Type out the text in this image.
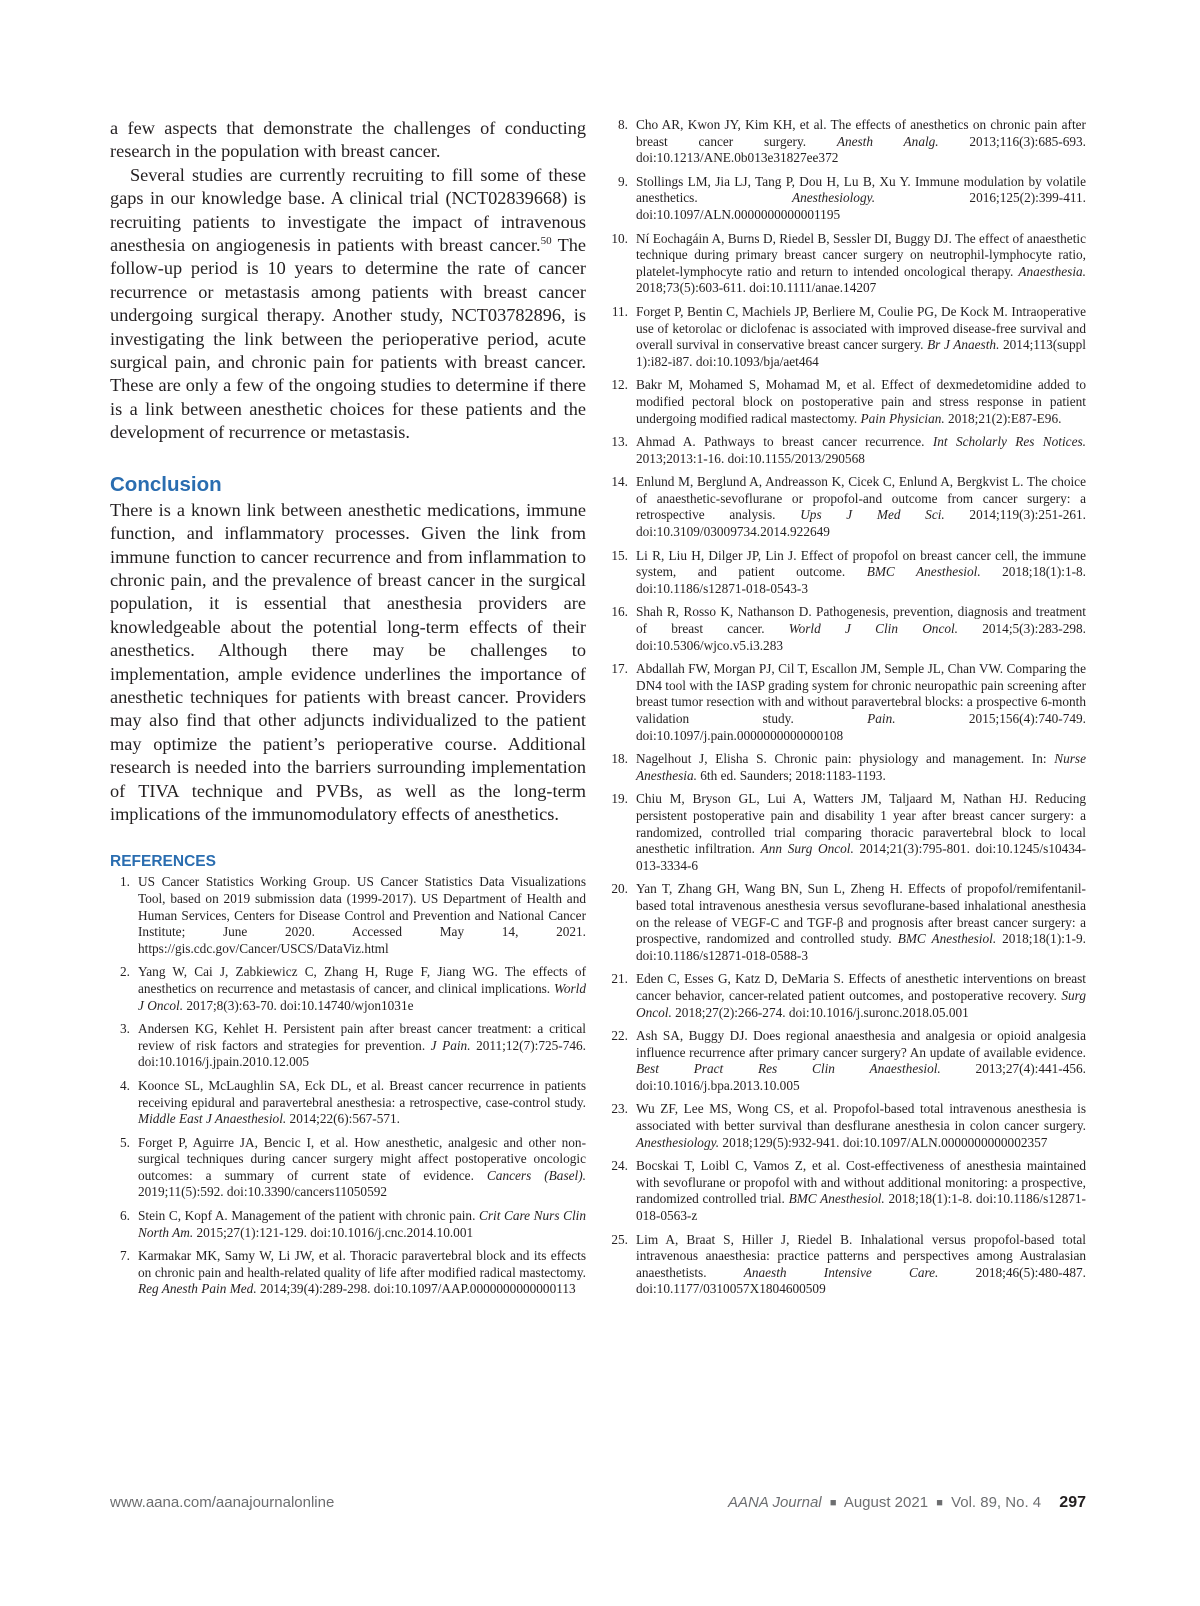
a few aspects that demonstrate the challenges of conducting research in the population with breast cancer.

Several studies are currently recruiting to fill some of these gaps in our knowledge base. A clinical trial (NCT02839668) is recruiting patients to investigate the impact of intravenous anesthesia on angiogenesis in patients with breast cancer.$^{50}$ The follow-up period is 10 years to determine the rate of cancer recurrence or metastasis among patients with breast cancer undergoing surgical therapy. Another study, NCT03782896, is investigating the link between the perioperative period, acute surgical pain, and chronic pain for patients with breast cancer. These are only a few of the ongoing studies to determine if there is a link between anesthetic choices for these patients and the development of recurrence or metastasis.

Conclusion

There is a known link between anesthetic medications, immune function, and inflammatory processes. Given the link from immune function to cancer recurrence and from inflammation to chronic pain, and the prevalence of breast cancer in the surgical population, it is essential that anesthesia providers are knowledgeable about the potential long-term effects of their anesthetics. Although there may be challenges to implementation, ample evidence underlines the importance of anesthetic techniques for patients with breast cancer. Providers may also find that other adjuncts individualized to the patient may optimize the patient’s perioperative course. Additional research is needed into the barriers surrounding implementation of TIVA technique and PVBs, as well as the long-term implications of the immunomodulatory effects of anesthetics.

REFERENCES
1. US Cancer Statistics Working Group. US Cancer Statistics Data Visualizations Tool, based on 2019 submission data (1999-2017). US Department of Health and Human Services, Centers for Disease Control and Prevention and National Cancer Institute; June 2020. Accessed May 14, 2021. https://gis.cdc.gov/Cancer/USCS/DataViz.html
2. Yang W, Cai J, Zabkiewicz C, Zhang H, Ruge F, Jiang WG. The effects of anesthetics on recurrence and metastasis of cancer, and clinical implications. World J Oncol. 2017;8(3):63-70. doi:10.14740/wjon1031e
3. Andersen KG, Kehlet H. Persistent pain after breast cancer treatment: a critical review of risk factors and strategies for prevention. J Pain. 2011;12(7):725-746. doi:10.1016/j.jpain.2010.12.005
4. Koonce SL, McLaughlin SA, Eck DL, et al. Breast cancer recurrence in patients receiving epidural and paravertebral anesthesia: a retrospective, case-control study. Middle East J Anaesthesiol. 2014;22(6):567-571.
5. Forget P, Aguirre JA, Bencic I, et al. How anesthetic, analgesic and other non-surgical techniques during cancer surgery might affect postoperative oncologic outcomes: a summary of current state of evidence. Cancers (Basel). 2019;11(5):592. doi:10.3390/cancers11050592
6. Stein C, Kopf A. Management of the patient with chronic pain. Crit Care Nurs Clin North Am. 2015;27(1):121-129. doi:10.1016/j.cnc.2014.10.001
7. Karmakar MK, Samy W, Li JW, et al. Thoracic paravertebral block and its effects on chronic pain and health-related quality of life after modified radical mastectomy. Reg Anesth Pain Med. 2014;39(4):289-298. doi:10.1097/AAP.0000000000000113
8. Cho AR, Kwon JY, Kim KH, et al. The effects of anesthetics on chronic pain after breast cancer surgery. Anesth Analg. 2013;116(3):685-693. doi:10.1213/ANE.0b013e31827ee372
9. Stollings LM, Jia LJ, Tang P, Dou H, Lu B, Xu Y. Immune modulation by volatile anesthetics. Anesthesiology. 2016;125(2):399-411. doi:10.1097/ALN.0000000000001195
10. Ní Eochagáin A, Burns D, Riedel B, Sessler DI, Buggy DJ. The effect of anaesthetic technique during primary breast cancer surgery on neutrophil-lymphocyte ratio, platelet-lymphocyte ratio and return to intended oncological therapy. Anaesthesia. 2018;73(5):603-611. doi:10.1111/anae.14207
11. Forget P, Bentin C, Machiels JP, Berliere M, Coulie PG, De Kock M. Intraoperative use of ketorolac or diclofenac is associated with improved disease-free survival and overall survival in conservative breast cancer surgery. Br J Anaesth. 2014;113(suppl 1):i82-i87. doi:10.1093/bja/aet464
12. Bakr M, Mohamed S, Mohamad M, et al. Effect of dexmedetomidine added to modified pectoral block on postoperative pain and stress response in patient undergoing modified radical mastectomy. Pain Physician. 2018;21(2):E87-E96.
13. Ahmad A. Pathways to breast cancer recurrence. Int Scholarly Res Notices. 2013;2013:1-16. doi:10.1155/2013/290568
14. Enlund M, Berglund A, Andreasson K, Cicek C, Enlund A, Bergkvist L. The choice of anaesthetic-sevoflurane or propofol-and outcome from cancer surgery: a retrospective analysis. Ups J Med Sci. 2014;119(3):251-261. doi:10.3109/03009734.2014.922649
15. Li R, Liu H, Dilger JP, Lin J. Effect of propofol on breast cancer cell, the immune system, and patient outcome. BMC Anesthesiol. 2018;18(1):1-8. doi:10.1186/s12871-018-0543-3
16. Shah R, Rosso K, Nathanson D. Pathogenesis, prevention, diagnosis and treatment of breast cancer. World J Clin Oncol. 2014;5(3):283-298. doi:10.5306/wjco.v5.i3.283
17. Abdallah FW, Morgan PJ, Cil T, Escallon JM, Semple JL, Chan VW. Comparing the DN4 tool with the IASP grading system for chronic neuropathic pain screening after breast tumor resection with and without paravertebral blocks: a prospective 6-month validation study. Pain. 2015;156(4):740-749. doi:10.1097/j.pain.0000000000000108
18. Nagelhout J, Elisha S. Chronic pain: physiology and management. In: Nurse Anesthesia. 6th ed. Saunders; 2018:1183-1193.
19. Chiu M, Bryson GL, Lui A, Watters JM, Taljaard M, Nathan HJ. Reducing persistent postoperative pain and disability 1 year after breast cancer surgery: a randomized, controlled trial comparing thoracic paravertebral block to local anesthetic infiltration. Ann Surg Oncol. 2014;21(3):795-801. doi:10.1245/s10434-013-3334-6
20. Yan T, Zhang GH, Wang BN, Sun L, Zheng H. Effects of propofol/remifentanil-based total intravenous anesthesia versus sevoflurane-based inhalational anesthesia on the release of VEGF-C and TGF-β and prognosis after breast cancer surgery: a prospective, randomized and controlled study. BMC Anesthesiol. 2018;18(1):1-9. doi:10.1186/s12871-018-0588-3
21. Eden C, Esses G, Katz D, DeMaria S. Effects of anesthetic interventions on breast cancer behavior, cancer-related patient outcomes, and postoperative recovery. Surg Oncol. 2018;27(2):266-274. doi:10.1016/j.suronc.2018.05.001
22. Ash SA, Buggy DJ. Does regional anaesthesia and analgesia or opioid analgesia influence recurrence after primary cancer surgery? An update of available evidence. Best Pract Res Clin Anaesthesiol. 2013;27(4):441-456. doi:10.1016/j.bpa.2013.10.005
23. Wu ZF, Lee MS, Wong CS, et al. Propofol-based total intravenous anesthesia is associated with better survival than desflurane anesthesia in colon cancer surgery. Anesthesiology. 2018;129(5):932-941. doi:10.1097/ALN.0000000000002357
24. Bocskai T, Loibl C, Vamos Z, et al. Cost-effectiveness of anesthesia maintained with sevoflurane or propofol with and without additional monitoring: a prospective, randomized controlled trial. BMC Anesthesiol. 2018;18(1):1-8. doi:10.1186/s12871-018-0563-z
25. Lim A, Braat S, Hiller J, Riedel B. Inhalational versus propofol-based total intravenous anaesthesia: practice patterns and perspectives among Australasian anaesthetists. Anaesth Intensive Care. 2018;46(5):480-487. doi:10.1177/0310057X1804600509
www.aana.com/aanajournalonline	AANA Journal ■ August 2021 ■ Vol. 89, No. 4 297
